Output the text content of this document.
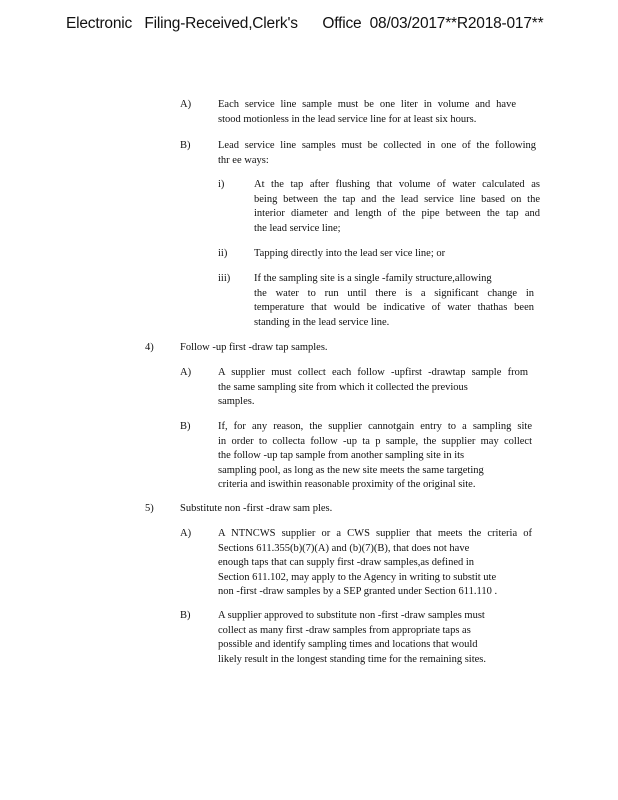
Electronic   Filing-Received,Clerk's      Office  08/03/2017**R2018-017**
A)	Each service line sample must be one liter in volume and have
stood motionless in the lead service line for at least six hours.
B)	Lead service line samples must be collected in one of the following
thr ee ways:
i)	At the tap after flushing that volume of water calculated as
being between the tap and the lead service line based on the
interior diameter and length of the pipe between the tap and
the lead service line;
ii)	Tapping directly into the lead ser vice line; or
iii) If the sampling site is a single -family structure,allowing
the water to run until there is a significant change in
temperature that would be indicative of water thathas been
standing in the lead service line.
4)	Follow -up first -draw tap samples.
A)	A supplier must collect each follow -upfirst -drawtap sample from
the same sampling site from which it collected the previous
samples.
B)	If, for any reason, the supplier cannotgain entry to a sampling site
in order to collecta follow -up ta p sample, the supplier may collect
the follow -up tap sample from another sampling site in its
sampling pool, as long as the new site meets the same targeting
criteria and iswithin reasonable proximity of the original site.
5)	Substitute non -first -draw sam ples.
A)	A NTNCWS supplier or a CWS supplier that meets the criteria of
Sections 611.355(b)(7)(A) and (b)(7)(B), that does not have
enough taps that can supply first -draw samples,as defined in
Section 611.102, may apply to the Agency in writing to substit ute
non -first -draw samples by a SEP granted under Section 611.110 .
B)	A supplier approved to substitute non -first -draw samples must
collect as many first -draw samples from appropriate taps as
possible and identify sampling times and locations that would
likely result in the longest standing time for the remaining sites.
